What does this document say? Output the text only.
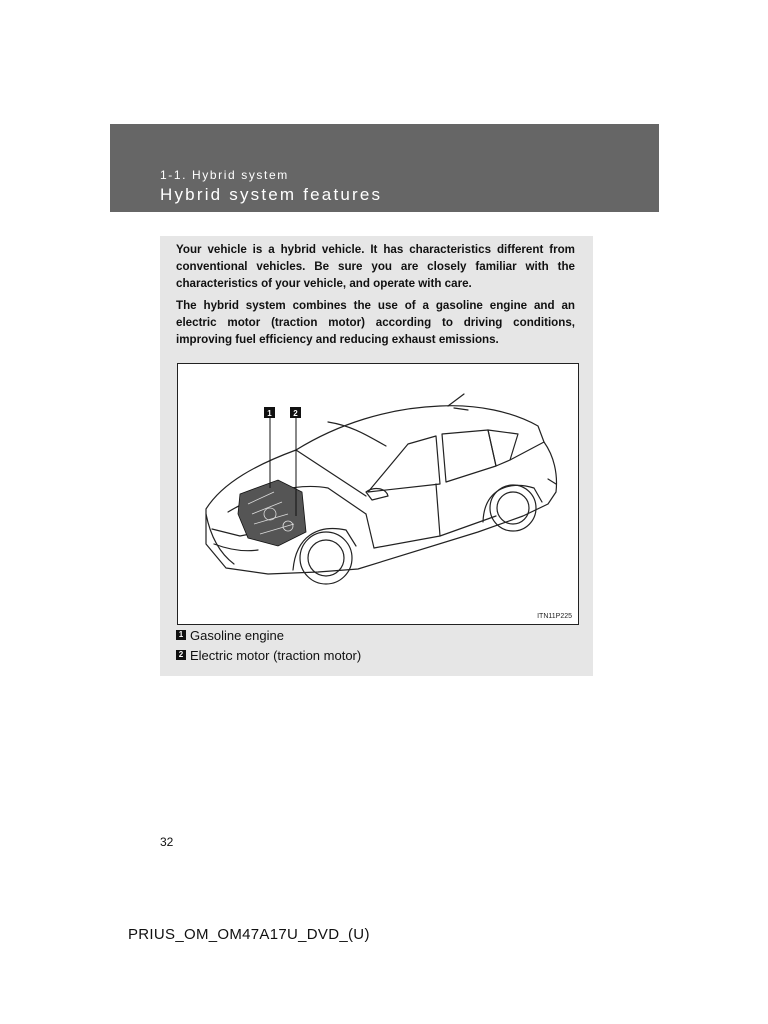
1-1. Hybrid system
Hybrid system features

Your vehicle is a hybrid vehicle. It has characteristics different from conventional vehicles. Be sure you are closely familiar with the characteristics of your vehicle, and operate with care.

The hybrid system combines the use of a gasoline engine and an electric motor (traction motor) according to driving conditions, improving fuel efficiency and reducing exhaust emissions.

1	2
ITN11P225
1 Gasoline engine
2 Electric motor (traction motor)
32
PRIUS_OM_OM47A17U_DVD_(U)
